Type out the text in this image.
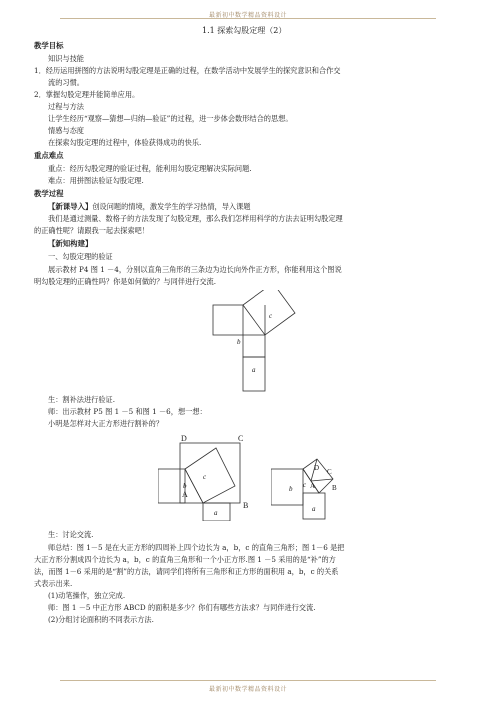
最新初中数学精品资料设计
1.1 探索勾股定理（2）
教学目标
知识与技能
1．经历运用拼图的方法说明勾股定理是正确的过程，在数学活动中发展学生的探究意识和合作交
流的习惯。
2．掌握勾股定理并能简单应用。
过程与方法
让学生经历“观察—猜想—归纳—验证”的过程，进一步体会数形结合的思想。
情感与态度
在探索勾股定理的过程中，体验获得成功的快乐.
重点难点
重点：经历勾股定理的验证过程，能利用勾股定理解决实际问题.
难点：用拼图法验证勾股定理.
教学过程
【新课导入】创设问题的情境，激发学生的学习热情，导入课题
我们是通过测量、数格子的方法发现了勾股定理，那么我们怎样用科学的方法去证明勾股定理
的正确性呢？请跟我一起去探索吧！
【新知构建】
一、勾股定理的验证
展示教材 P4 图 1 －4，分别以直角三角形的三条边为边长向外作正方形，你能利用这个图说
明勾股定理的正确性吗？你是如何做的？与同伴进行交流.
b
c
a
生：割补法进行验证.
师：出示教材 P5 图 1 －5 和图 1 －6，想一想：
小明是怎样对大正方形进行割补的？
D	C
A
B
b
c
a
D C
A B
b c
a
生：讨论交流.
师总结：图 1－5 是在大正方形的四周补上四个边长为 a，b，c 的直角三角形；图 1－6 是把
大正方形分割成四个边长为 a，b，c 的直角三角形和一个小正方形.图 1 －5 采用的是“补”的方
法，而图 1－6 采用的是“割”的方法，请同学们将所有三角形和正方形的面积用 a，b，c 的关系
式表示出来.
(1)动笔操作，独立完成.
师：图 1 －5 中正方形 ABCD 的面积是多少？你们有哪些方法求？与同伴进行交流.
(2)分组讨论面积的不同表示方法.
最新初中数学精品资料设计
